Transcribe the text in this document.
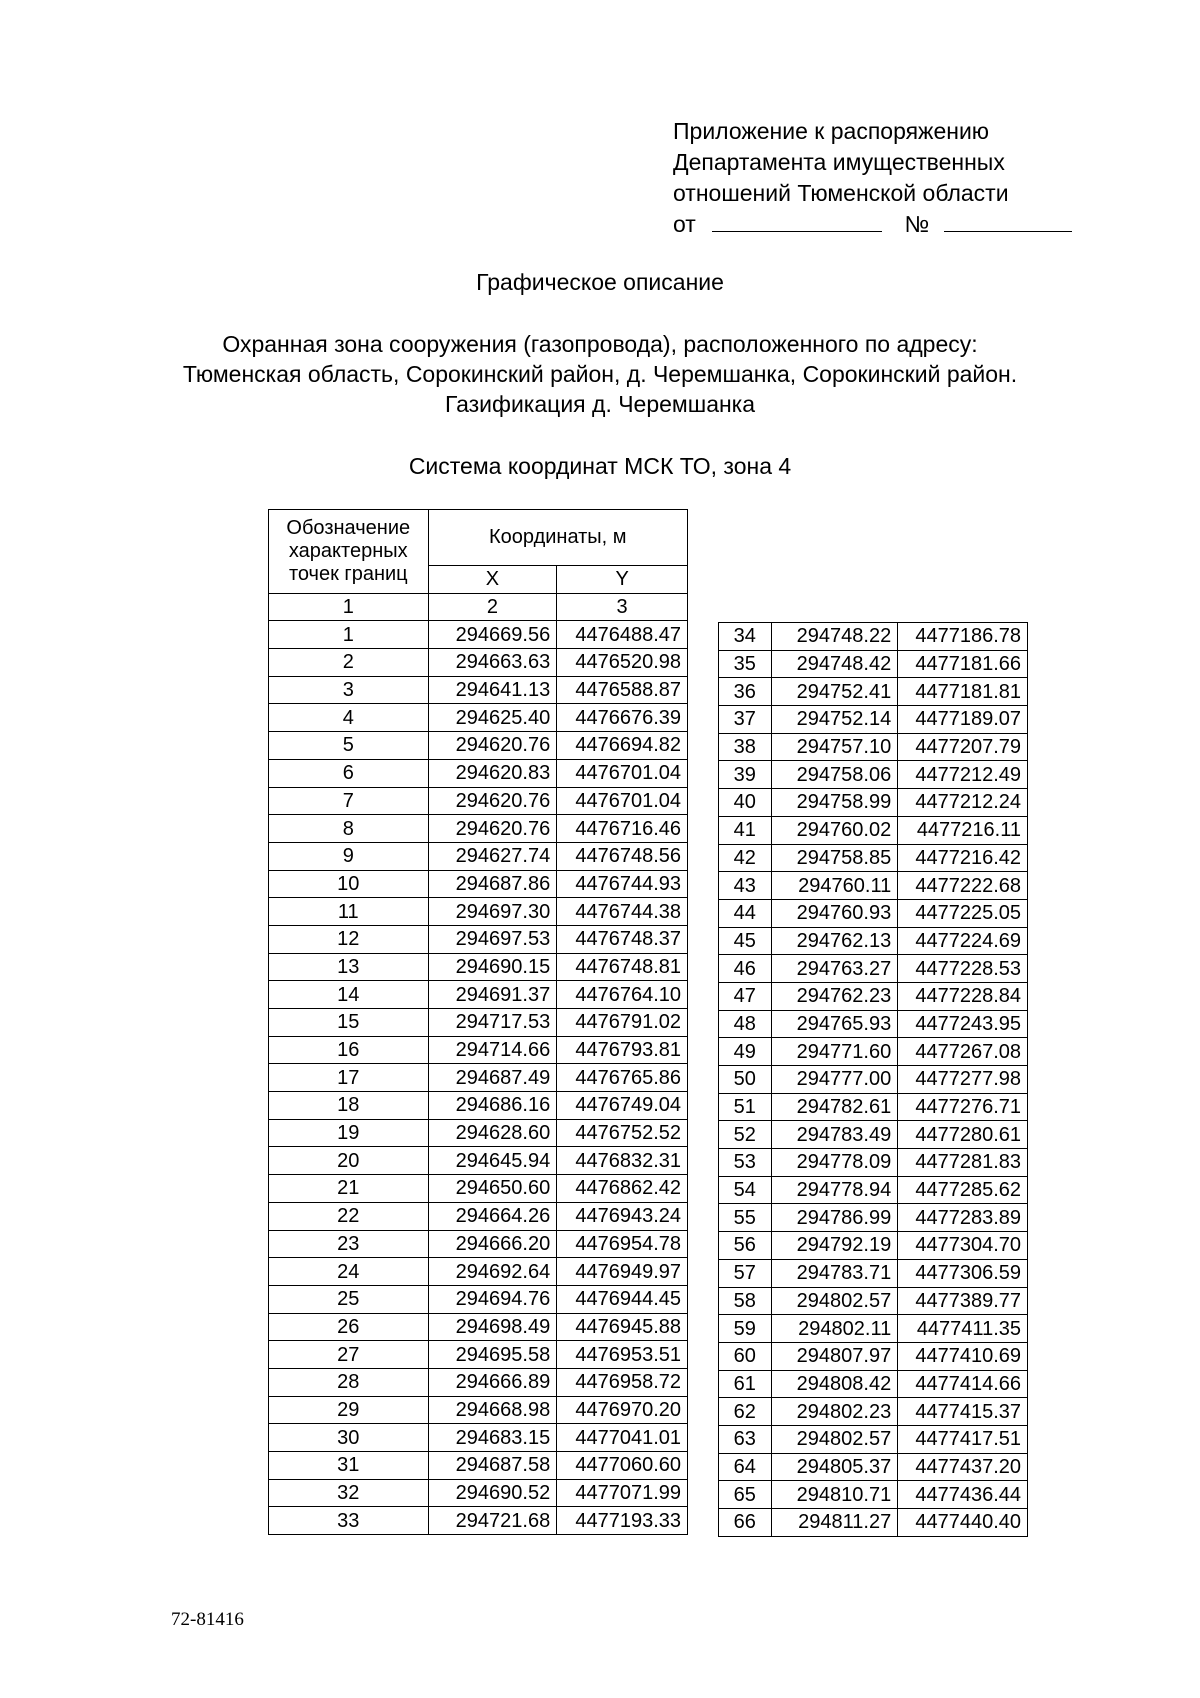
Приложение к распоряжению
Департамента имущественных
отношений Тюменской области
от	№
Графическое описание
Охранная зона сооружения (газопровода), расположенного по адресу:
Тюменская область, Сорокинский район, д. Черемшанка, Сорокинский район.
Газификация д. Черемшанка
Система координат МСК ТО, зона 4
Обозначение характерных точек границ	Координаты, м	
	X	Y
1	2	3
1	294669.56	4476488.47
2	294663.63	4476520.98
3	294641.13	4476588.87
4	294625.40	4476676.39
5	294620.76	4476694.82
6	294620.83	4476701.04
7	294620.76	4476701.04
8	294620.76	4476716.46
9	294627.74	4476748.56
10	294687.86	4476744.93
11	294697.30	4476744.38
12	294697.53	4476748.37
13	294690.15	4476748.81
14	294691.37	4476764.10
15	294717.53	4476791.02
16	294714.66	4476793.81
17	294687.49	4476765.86
18	294686.16	4476749.04
19	294628.60	4476752.52
20	294645.94	4476832.31
21	294650.60	4476862.42
22	294664.26	4476943.24
23	294666.20	4476954.78
24	294692.64	4476949.97
25	294694.76	4476944.45
26	294698.49	4476945.88
27	294695.58	4476953.51
28	294666.89	4476958.72
29	294668.98	4476970.20
30	294683.15	4477041.01
31	294687.58	4477060.60
32	294690.52	4477071.99
33	294721.68	4477193.33
34	294748.22	4477186.78
35	294748.42	4477181.66
36	294752.41	4477181.81
37	294752.14	4477189.07
38	294757.10	4477207.79
39	294758.06	4477212.49
40	294758.99	4477212.24
41	294760.02	4477216.11
42	294758.85	4477216.42
43	294760.11	4477222.68
44	294760.93	4477225.05
45	294762.13	4477224.69
46	294763.27	4477228.53
47	294762.23	4477228.84
48	294765.93	4477243.95
49	294771.60	4477267.08
50	294777.00	4477277.98
51	294782.61	4477276.71
52	294783.49	4477280.61
53	294778.09	4477281.83
54	294778.94	4477285.62
55	294786.99	4477283.89
56	294792.19	4477304.70
57	294783.71	4477306.59
58	294802.57	4477389.77
59	294802.11	4477411.35
60	294807.97	4477410.69
61	294808.42	4477414.66
62	294802.23	4477415.37
63	294802.57	4477417.51
64	294805.37	4477437.20
65	294810.71	4477436.44
66	294811.27	4477440.40
72-81416
